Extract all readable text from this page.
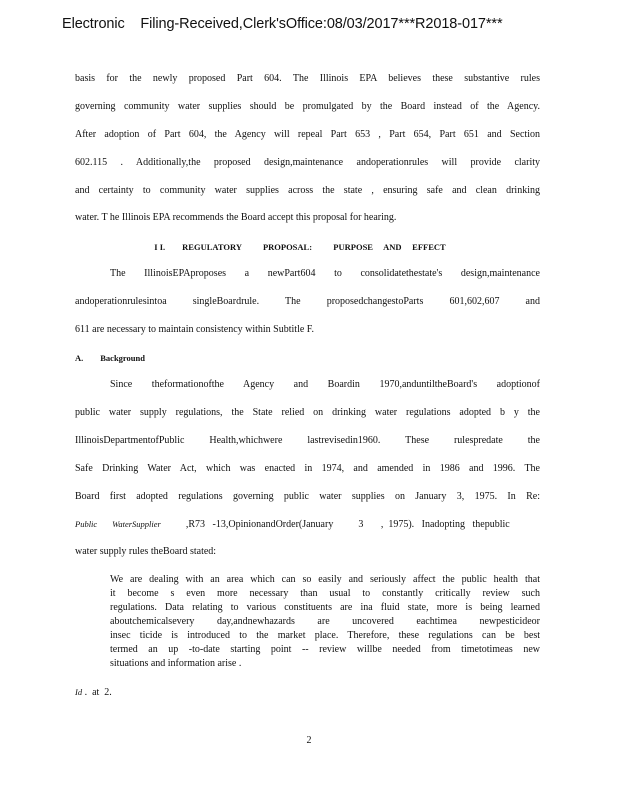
Electronic    Filing-Received,Clerk'sOffice:08/03/2017***R2018-017***
basis for the newly proposed Part 604. The Illinois EPA believes these substantive rules
governing community water supplies should be promulgated by the Board instead of the Agency.
After adoption of Part 604, the Agency will repeal Part 653 , Part 654, Part 651 and Section
602.115 . Additionally,the proposed design,maintenance andoperationrules will provide clarity
and certainty to community water supplies across the state , ensuring safe and clean drinking
water. T he Illinois EPA recommends the Board accept this proposal for hearing.
I I.        REGULATORY          PROPOSAL:          PURPOSE     AND     EFFECT
The IllinoisEPAproposes a newPart604 to consolidatethestate's design,maintenance
andoperationrulesintoa singleBoardrule. The proposedchangestoParts 601,602,607 and
611 are necessary to maintain consistency within Subtitle F.
A.        Background
Since theformationofthe Agency and Boardin 1970,anduntiltheBoard's adoptionof
public water supply regulations, the State relied on drinking water regulations adopted b y the
IllinoisDepartmentofPublic Health,whichwere lastrevisedin1960. These rulespredate the
Safe Drinking Water Act, which was enacted in 1974, and amended in 1986 and 1996. The
Board first adopted regulations governing public water supplies on January 3, 1975. In Re:
Public       WaterSupplier          ,R73   -13,OpinionandOrder(January          3       ,  1975).   Inadopting   thepublic
water supply rules theBoard stated:
We are dealing with an area which can so easily and seriously affect the public health that
it become s even more necessary than usual to constantly critically review such
regulations. Data relating to various constituents are ina fluid state, more is being learned
aboutchemicalsevery day,andnewhazards are uncovered eachtimea newpesticideor
insec ticide is introduced to the market place. Therefore, these regulations can be best
termed an up -to-date starting point -- review willbe needed from timetotimeas new
situations and information arise .
Id .  at  2.
2
